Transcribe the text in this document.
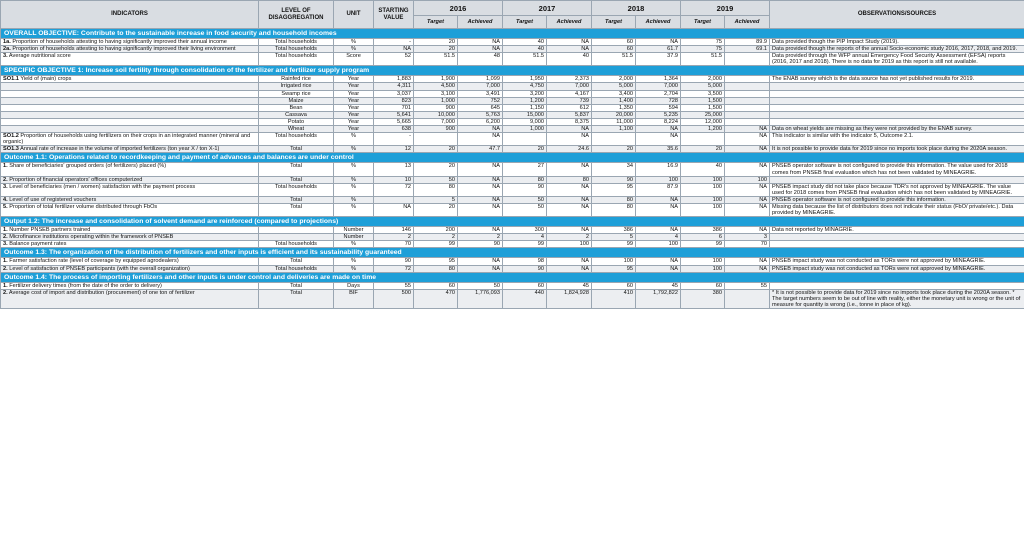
INDICATORS	LEVEL OF DISAGGREGATION	UNIT	STARTING VALUE	2016		2017		2018		2019		OBSERVATIONS/SOURCES
				Target	Achieved	Target	Achieved	Target	Achieved	Target	Achieved	
OVERALL OBJECTIVE: Contribute to the sustainable increase in food security and household incomes												
1a. Proportion of households attesting to having significantly improved their annual income	Total households	%	-	20	NA	40	NA	60	NA	75	89.9	Data provided though the PIP Impact Study (2019).
2a. Proportion of households attesting to having significantly improved their living environment	Total households	%	NA	20	NA	40	NA	60	61.7	75	69.1	Data provided though the reports of the annual Socio-economic study 2016, 2017, 2018, and 2019.
3. Average nutritional score	Total households	Score	52	51.5	48	51.5	40	51.5	37.9	51.5		Data provided through the WFP annual Emergency Food Security Assessment (EFSA) reports (2016, 2017 and 2018). There is no data for 2019 as this report is still not available.
SPECIFIC OBJECTIVE 1: Increase soil fertility through consolidation of the fertilizer and fertilizer supply program												
SO1.1 Yield of (main) crops	Rainfed rice	Year	1,883	1,900	1,099	1,950	2,373	2,000	1,364	2,000		The ENAB survey which is the data source has not yet published results for 2019.
	Irrigated rice	Year	4,311	4,500	7,000	4,750	7,000	5,000	7,000	5,000		
	Swamp rice	Year	3,037	3,100	3,491	3,200	4,167	3,400	2,704	3,500		
	Maize	Year	823	1,000	752	1,200	739	1,400	728	1,500		
	Bean	Year	701	900	645	1,150	612	1,350	594	1,500		
	Cassava	Year	5,641	10,000	5,763	15,000	5,837	20,000	5,235	25,000		
	Potato	Year	5,665	7,000	6,200	9,000	8,375	11,000	8,224	12,000		
	Wheat	Year	638	900	NA	1,000	NA	1,100	NA	1,200	NA	Data on wheat yields are missing as they were not provided by the ENAB survey.
SO1.2 Proportion of households using fertilizers on their crops in an integrated manner (mineral and organic)	Total households	%	-		NA		NA		NA		NA	This indicator is similar with the indicator 5, Outcome 2.1.
SO1.3 Annual rate of increase in the volume of imported fertilizers (ton year X / ton X-1)	Total	%	12	20	47.7	20	24.6	20	35.6	20	NA	It is not possible to provide data for 2019 since no imports took place during the 2020A season.
Outcome 1.1: Operations related to recordkeeping and payment of advances and balances are under control												
1. Share of beneficiaries' grouped orders (of fertilizers) placed (%)	Total	%	13	20	NA	27	NA	34	16.9	40	NA	PNSEB operator software is not configured to provide this information. The value used for 2018 comes from PNSEB final evaluation which has not been validated by MINEAGRIE.
2. Proportion of financial operators' offices computerized	Total	%	10	50	NA	80	80	90	100	100	100	
3. Level of beneficiaries (men / women) satisfaction with the payment process	Total households	%	72	80	NA	90	NA	95	87.9	100	NA	PNSEB impact study did not take place because TDR's not approved by MINEAGRIE. The value used for 2018 comes from PNSEB final evaluation which has not been validated by MINEAGRIE.
4. Level of use of registered vouchers	Total	%		5	NA	50	NA	80	NA	100	NA	PNSEB operator software is not configured to provide this information.
5. Proportion of total fertilizer volume distributed through FbOs	Total	%	NA	20	NA	50	NA	80	NA	100	NA	Missing data because the list of distributors does not indicate their status (FbO/ private/etc.). Data provided by MINEAGRIE.
Output 1.2: The increase and consolidation of solvent demand are reinforced (compared to projections)												
1. Number PNSEB partners trained		Number	146	200	NA	300	NA	386	NA	386	NA	Data not reported by MINAGRIE.
2. Microfinance institutions operating within the framework of PNSEB		Number	2	2	2	4	2	5	4	6	3	
3. Balance payment rates	Total households	%	70	99	90	99	100	99	100	99	70	
Outcome 1.3: The organization of the distribution of fertilizers and other inputs is efficient and its sustainability guaranteed												
1. Farmer satisfaction rate (level of coverage by equipped agrodealers)	Total	%	90	95	NA	98	NA	100	NA	100	NA	PNSEB impact study was not conducted as TORs were not approved by MINEAGRIE.
2. Level of satisfaction of PNSEB participants (with the overall organization)	Total households	%	72	80	NA	90	NA	95	NA	100	NA	PNSEB impact study was not conducted as TORs were not approved by MINEAGRIE.
Outcome 1.4: The process of importing fertilizers and other inputs is under control and deliveries are made on time												
1. Fertilizer delivery times (from the date of the order to delivery)	Total	Days	55	60	50	60	45	60	45	60	55	
2. Average cost of import and distribution (procurement) of one ton of fertilizer	Total	BIF	500	470	1,776,093	440	1,824,928	410	1,792,822	380		* It is not possible to provide data for 2019 since no imports took place during the 2020A season. * The target numbers seem to be out of line with reality, either the monetary unit is wrong or the unit of measure for quantity is wrong (i.e., tonne in place of kg).
